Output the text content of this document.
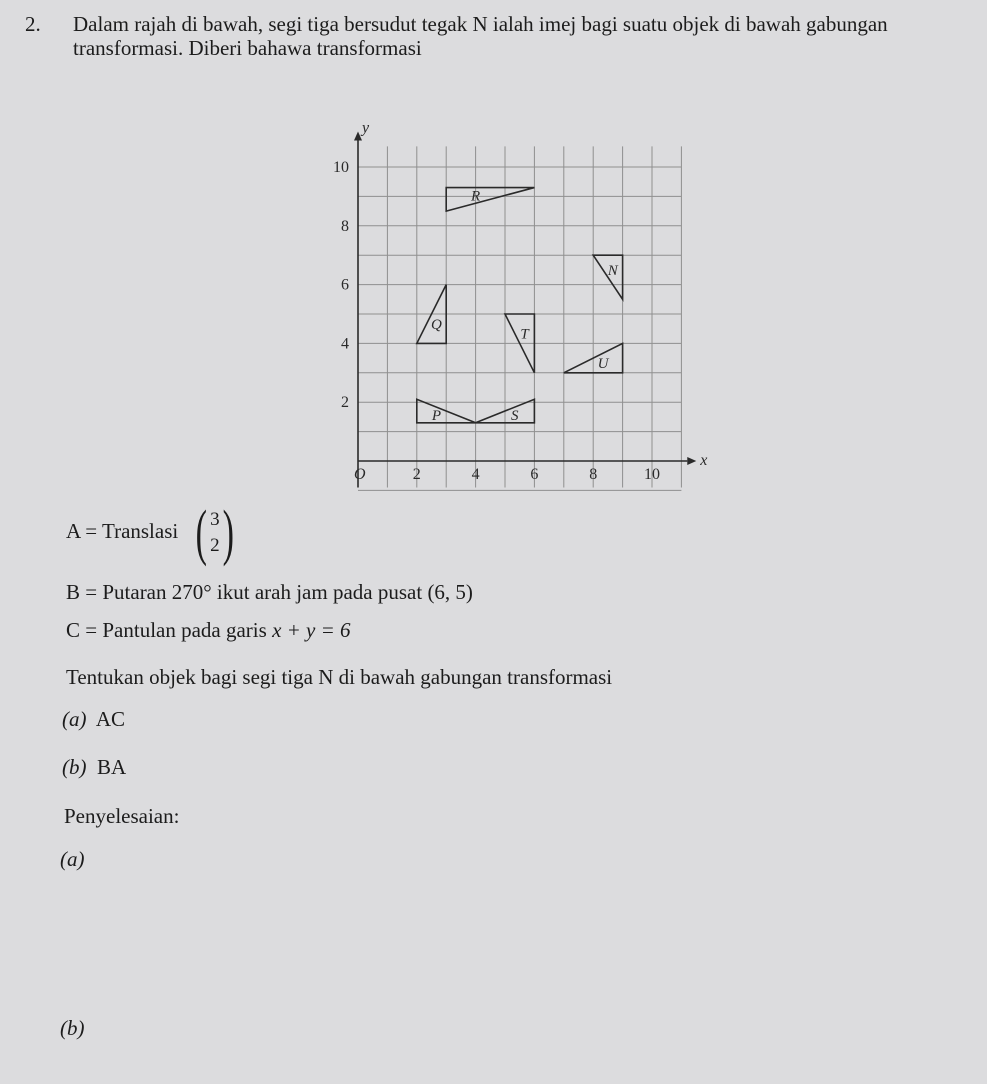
2. Dalam rajah di bawah, segi tiga bersudut tegak N ialah imej bagi suatu objek di bawah gabungan
transformasi. Diberi bahawa transformasi
x
y
O	2	4	6	8	10
2
4
6
8
10
R
N
Q
T
U
P	S
A = Translasi ( 3
2 )
B = Putaran 270° ikut arah jam pada pusat (6, 5)
C = Pantulan pada garis x + y = 6
Tentukan objek bagi segi tiga N di bawah gabungan transformasi
(a) AC
(b) BA
Penyelesaian:
(a)
(b)
